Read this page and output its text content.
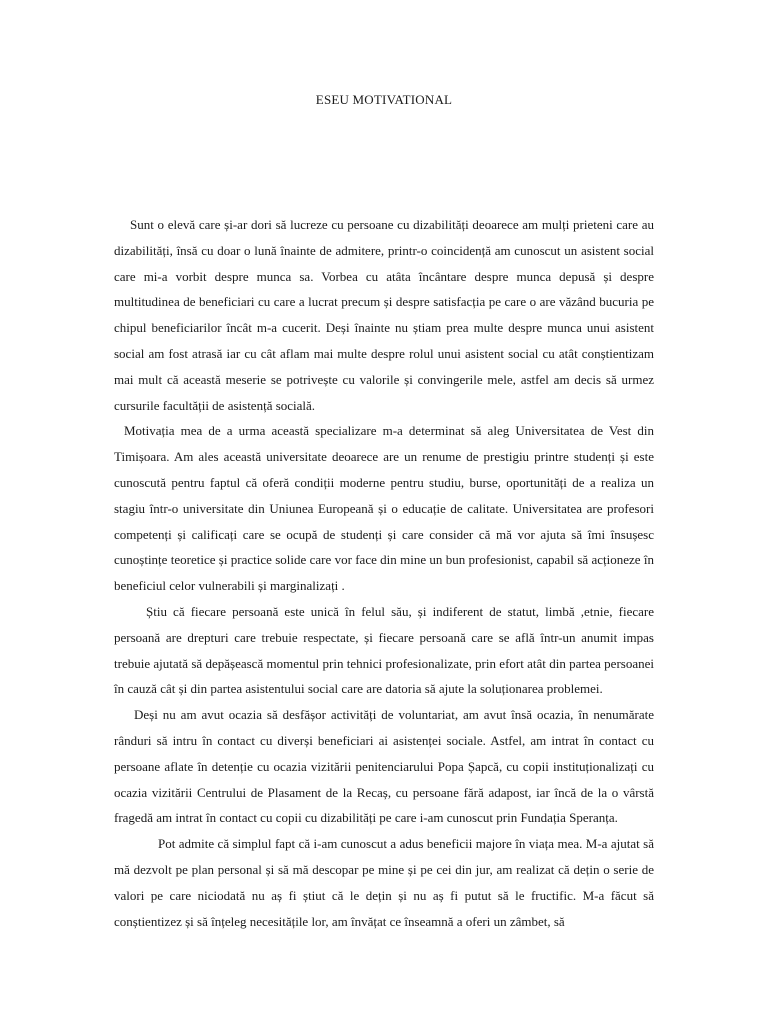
ESEU MOTIVATIONAL

Sunt o elevă care și-ar dori să lucreze cu persoane cu dizabilități deoarece am mulți prieteni care au dizabilități, însă cu doar o lună înainte de admitere, printr-o coincidență am cunoscut un asistent social care mi-a vorbit despre munca sa. Vorbea cu atâta încântare despre munca depusă și despre multitudinea de beneficiari cu care a lucrat precum și despre satisfacția pe care o are văzând bucuria pe chipul beneficiarilor încât m-a cucerit. Deși înainte nu știam prea multe despre munca unui asistent social am fost atrasă iar cu cât aflam mai multe despre rolul unui asistent social cu atât conștientizam mai mult că această meserie se potrivește cu valorile și convingerile mele, astfel am decis să urmez cursurile facultății de asistență socială.

Motivația mea de a urma această specializare m-a determinat să aleg Universitatea de Vest din Timișoara. Am ales această universitate deoarece are un renume de prestigiu printre studenți și este cunoscută pentru faptul că oferă condiții moderne pentru studiu, burse, oportunități de a realiza un stagiu într-o universitate din Uniunea Europeană și o educație de calitate. Universitatea are profesori competenți și calificați care se ocupă de studenți și care consider că mă vor ajuta să îmi însușesc cunoștințe teoretice și practice solide care vor face din mine un bun profesionist, capabil să acționeze în beneficiul celor vulnerabili și marginalizați .

Știu că fiecare persoană este unică în felul său, și indiferent de statut, limbă ,etnie, fiecare persoană are drepturi care trebuie respectate, și fiecare persoană care se află într-un anumit impas trebuie ajutată să depășească momentul prin tehnici profesionalizate, prin efort atât din partea persoanei în cauză cât și din partea asistentului social care are datoria să ajute la soluționarea problemei.

Deși nu am avut ocazia să desfășor activități de voluntariat, am avut însă ocazia, în nenumărate rânduri să intru în contact cu diverși beneficiari ai asistenței sociale. Astfel, am intrat în contact cu persoane aflate în detenție cu ocazia vizitării penitenciarului Popa Șapcă, cu copii instituționalizați cu ocazia vizitării Centrului de Plasament de la Recaș, cu persoane fără adapost, iar încă de la o vârstă fragedă am intrat în contact cu copii cu dizabilități pe care i-am cunoscut prin Fundația Speranța.

Pot admite că simplul fapt că i-am cunoscut a adus beneficii majore în viața mea. M-a ajutat să mă dezvolt pe plan personal și să mă descopar pe mine și pe cei din jur, am realizat că dețin o serie de valori pe care niciodată nu aș fi știut că le dețin și nu aș fi putut să le fructific. M-a făcut să conștientizez și să înțeleg necesitățile lor, am învățat ce înseamnă a oferi un zâmbet, să
